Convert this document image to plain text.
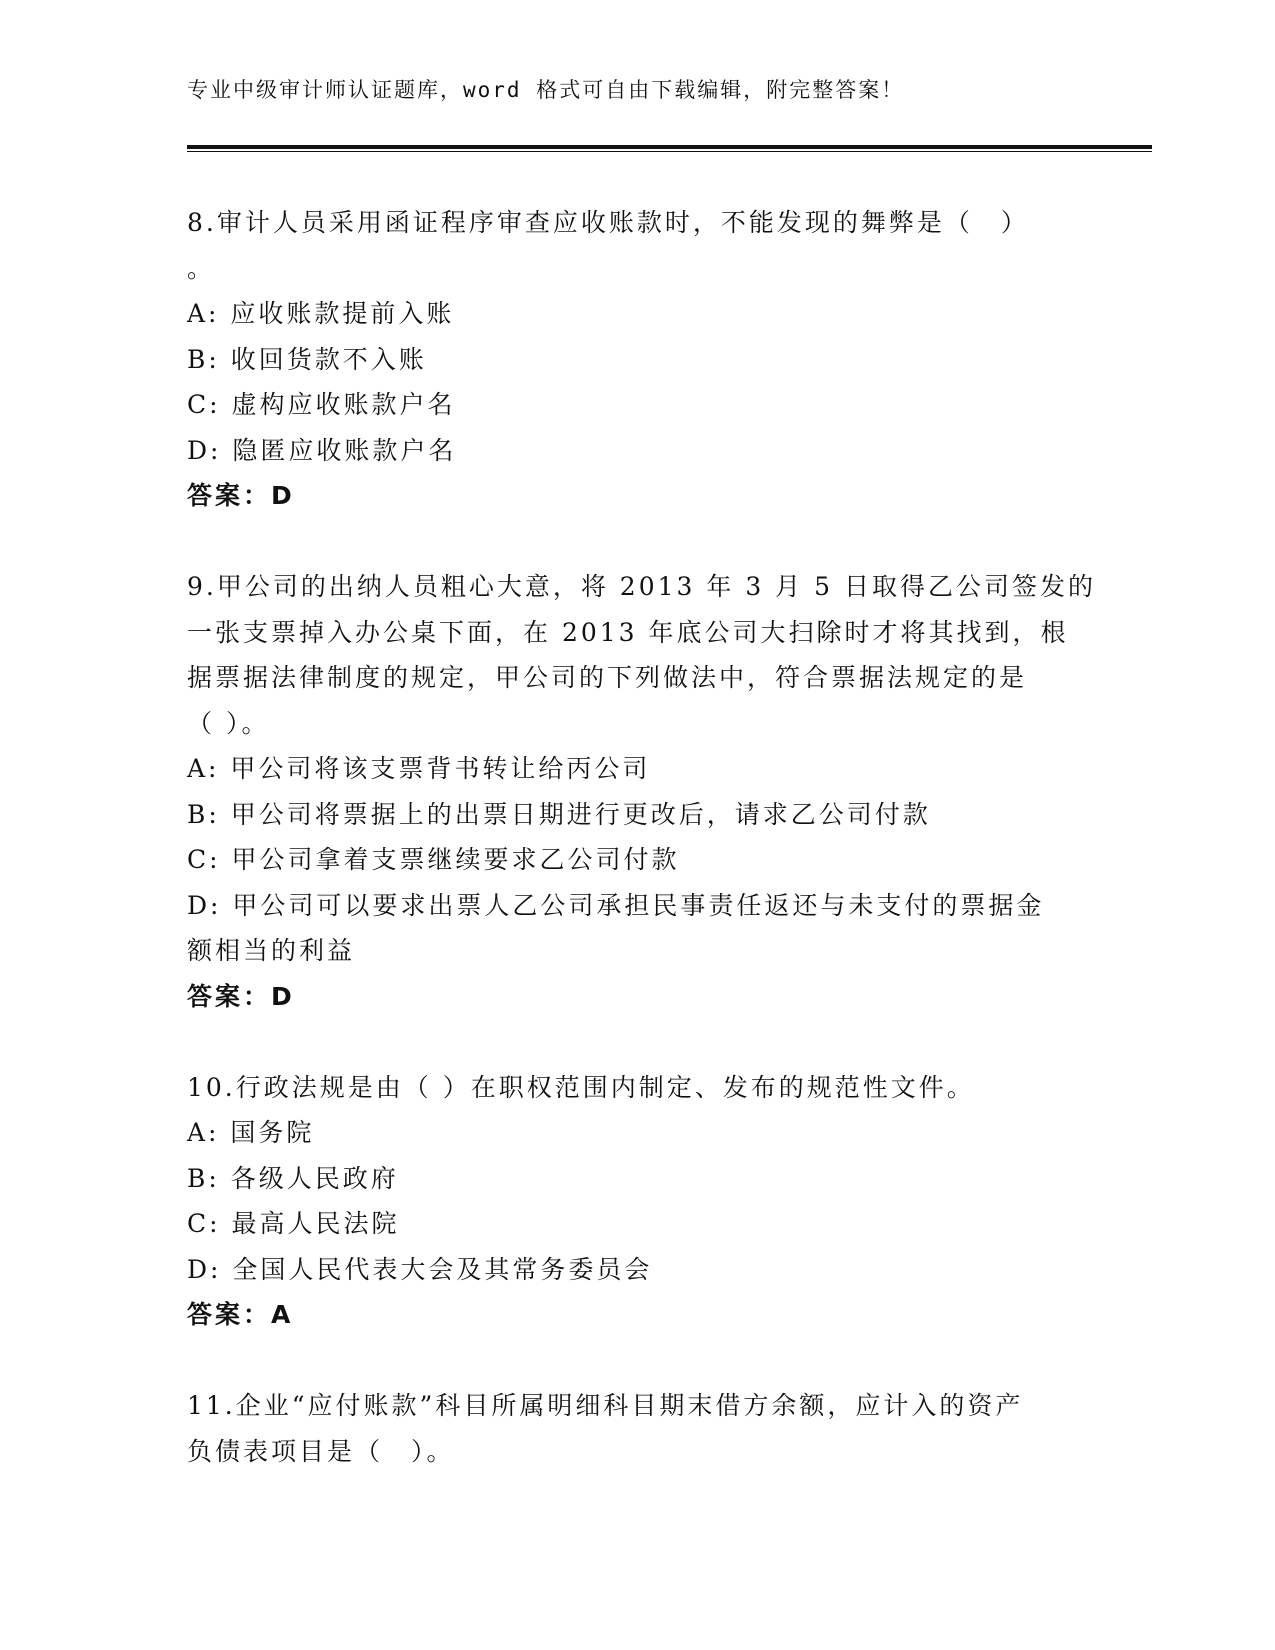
专业中级审计师认证题库，word 格式可自由下载编辑，附完整答案！
8.审计人员采用函证程序审查应收账款时，不能发现的舞弊是（　）
。
A: 应收账款提前入账
B: 收回货款不入账
C: 虚构应收账款户名
D: 隐匿应收账款户名
答案：D
9.甲公司的出纳人员粗心大意，将 2013 年 3 月 5 日取得乙公司签发的
一张支票掉入办公桌下面，在 2013 年底公司大扫除时才将其找到，根
据票据法律制度的规定，甲公司的下列做法中，符合票据法规定的是
（ ）。
A: 甲公司将该支票背书转让给丙公司
B: 甲公司将票据上的出票日期进行更改后，请求乙公司付款
C: 甲公司拿着支票继续要求乙公司付款
D: 甲公司可以要求出票人乙公司承担民事责任返还与未支付的票据金
额相当的利益
答案：D
10.行政法规是由（ ）在职权范围内制定、发布的规范性文件。
A: 国务院
B: 各级人民政府
C: 最高人民法院
D: 全国人民代表大会及其常务委员会
答案：A
11.企业“应付账款”科目所属明细科目期末借方余额，应计入的资产
负债表项目是（　）。
